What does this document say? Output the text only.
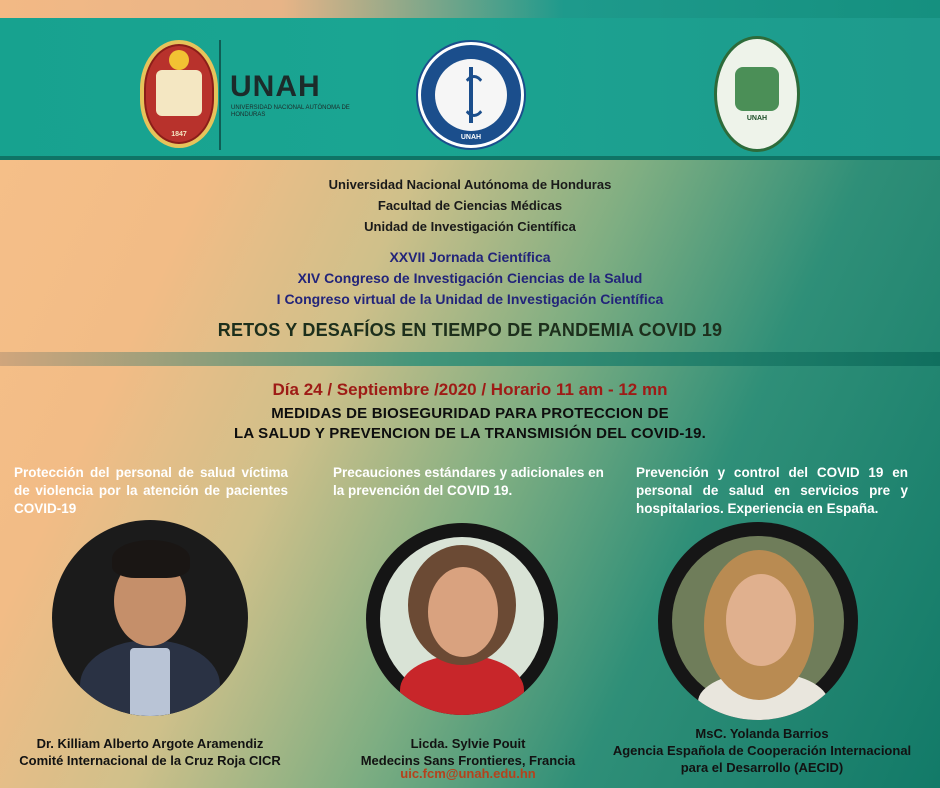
1847
UNAH
UNIVERSIDAD NACIONAL AUTÓNOMA DE HONDURAS
UNAH
UNAH
Universidad Nacional Autónoma de Honduras
Facultad de Ciencias Médicas
Unidad de Investigación Científica
XXVII Jornada Científica
XIV Congreso de Investigación Ciencias de la Salud
I Congreso virtual de la Unidad de Investigación Científica
RETOS Y DESAFÍOS EN TIEMPO DE PANDEMIA COVID 19
Día 24 / Septiembre /2020 / Horario 11 am - 12 mn
MEDIDAS DE BIOSEGURIDAD PARA PROTECCION DE
LA SALUD Y PREVENCION DE LA TRANSMISIÓN DEL COVID-19.
Protección del personal de salud víctima de violencia por la atención de pacientes COVID-19
Precauciones estándares y adicionales en la prevención del COVID 19.
Prevención y control del COVID 19 en personal de salud en servicios pre y hospitalarios. Experiencia en España.
Dr. Killiam Alberto Argote Aramendiz
Comité Internacional de la Cruz Roja CICR
Licda. Sylvie Pouit
Medecins Sans Frontieres, Francia
MsC. Yolanda Barrios
Agencia Española de Cooperación Internacional para el Desarrollo (AECID)
uic.fcm@unah.edu.hn
